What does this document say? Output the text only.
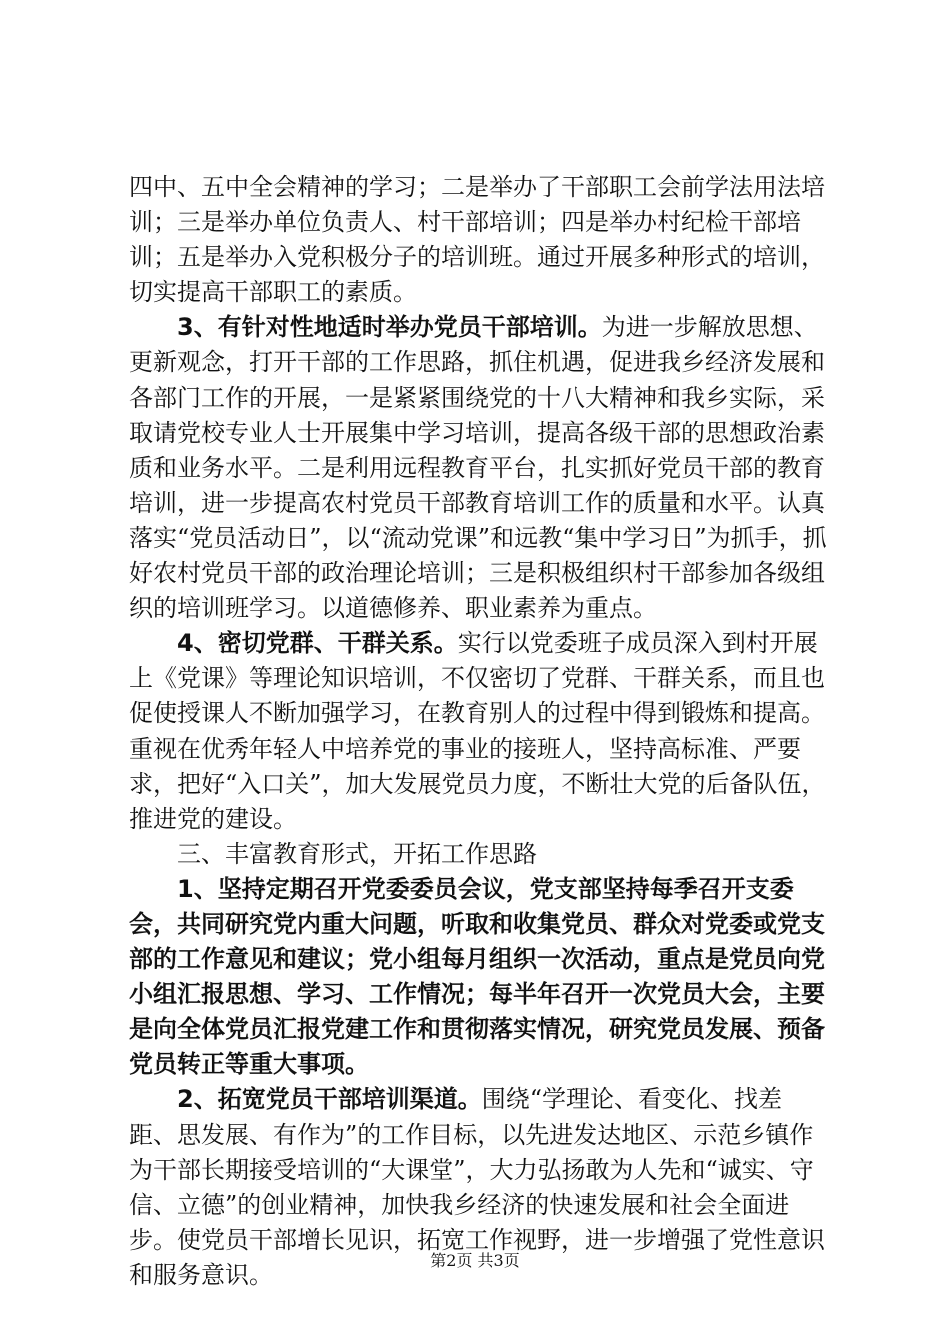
四中、五中全会精神的学习；二是举办了干部职工会前学法用法培训；三是举办单位负责人、村干部培训；四是举办村纪检干部培训；五是举办入党积极分子的培训班。通过开展多种形式的培训，切实提高干部职工的素质。

3、有针对性地适时举办党员干部培训。为进一步解放思想、更新观念，打开干部的工作思路，抓住机遇，促进我乡经济发展和各部门工作的开展，一是紧紧围绕党的十八大精神和我乡实际，采取请党校专业人士开展集中学习培训，提高各级干部的思想政治素质和业务水平。二是利用远程教育平台，扎实抓好党员干部的教育培训，进一步提高农村党员干部教育培训工作的质量和水平。认真落实“党员活动日”，以“流动党课”和远教“集中学习日”为抓手，抓好农村党员干部的政治理论培训；三是积极组织村干部参加各级组织的培训班学习。以道德修养、职业素养为重点。

4、密切党群、干群关系。实行以党委班子成员深入到村开展上《党课》等理论知识培训，不仅密切了党群、干群关系，而且也促使授课人不断加强学习，在教育别人的过程中得到锻炼和提高。重视在优秀年轻人中培养党的事业的接班人，坚持高标准、严要求，把好“入口关”，加大发展党员力度，不断壮大党的后备队伍，推进党的建设。

三、丰富教育形式，开拓工作思路

1、坚持定期召开党委委员会议，党支部坚持每季召开支委会，共同研究党内重大问题，听取和收集党员、群众对党委或党支部的工作意见和建议；党小组每月组织一次活动，重点是党员向党小组汇报思想、学习、工作情况；每半年召开一次党员大会，主要是向全体党员汇报党建工作和贯彻落实情况，研究党员发展、预备党员转正等重大事项。

2、拓宽党员干部培训渠道。围绕“学理论、看变化、找差距、思发展、有作为”的工作目标，以先进发达地区、示范乡镇作为干部长期接受培训的“大课堂”，大力弘扬敢为人先和“诚实、守信、立德”的创业精神，加快我乡经济的快速发展和社会全面进步。使党员干部增长见识，拓宽工作视野，进一步增强了党性意识和服务意识。

第2页 共3页
